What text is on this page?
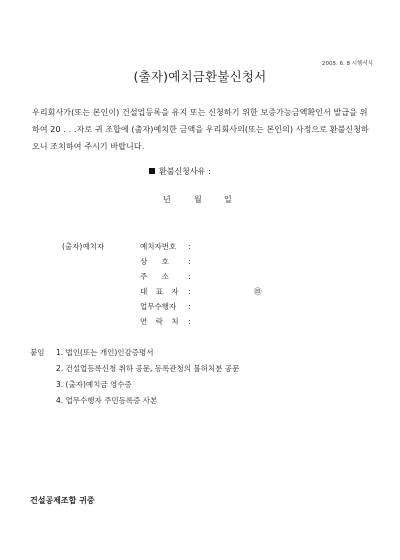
2005. 6. 8 시행서식
(출자)예치금환불신청서
우리회사가(또는 본인이) 건설업등록을 유지 또는 신청하기 위한 보증가능금액확인서 발급을 위하여 20 . . .자로 귀 조합에 (출자)예치한 금액을 우리회사의(또는 본인의) 사정으로 환불신청하오니 조치하여 주시기 바랍니다.
환불신청사유 :
년	월	일
(출자)예치자	예치자번호 :
상 호 :
주 소 :
대 표 자 :	㊞
업무수행자 :
연 락 처 :
붙임 1. 법인(또는 개인)인감증명서
2. 건설업등록신청 취하 공문, 등록관청의 불허처분 공문
3. (출자)예치금 영수증
4. 업무수행자 주민등록증 사본
건설공제조합 귀중
